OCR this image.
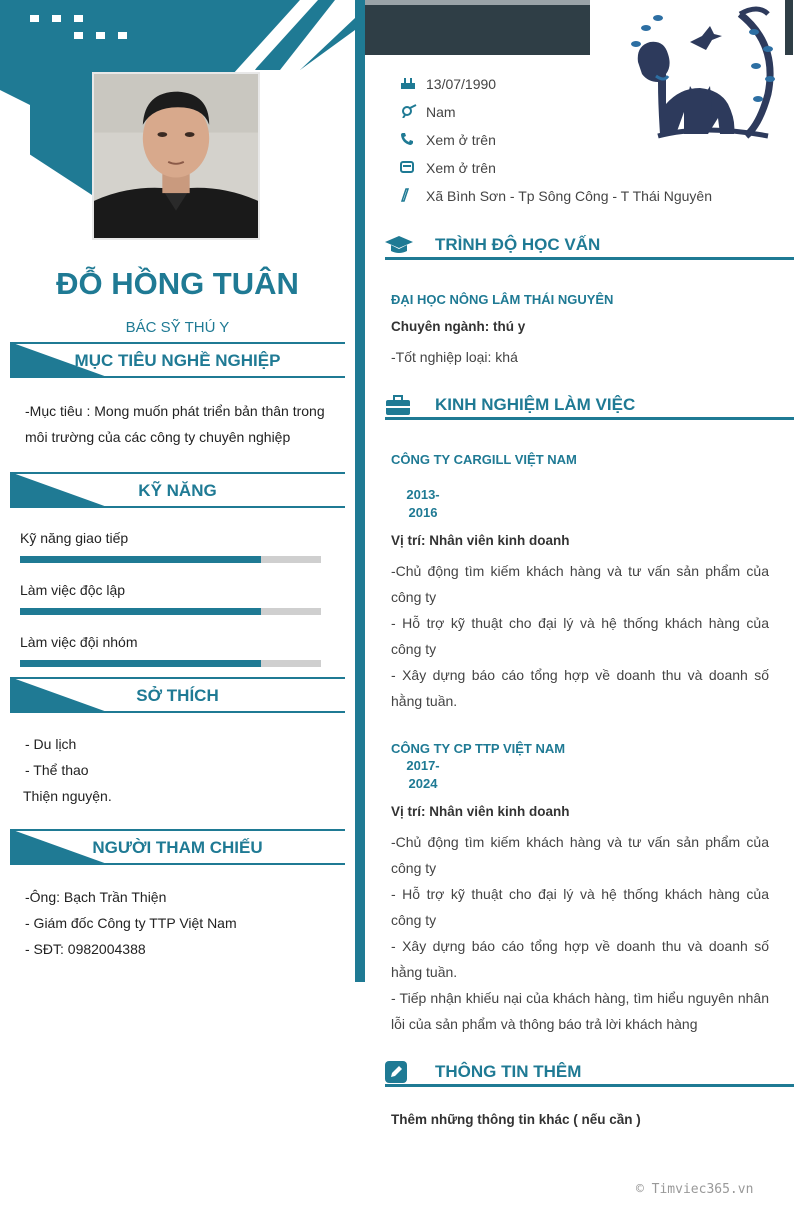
ĐỖ HỒNG TUÂN
BÁC SỸ THÚ Y
MỤC TIÊU NGHỀ NGHIỆP
-Mục tiêu : Mong muốn phát triển bản thân trong môi trường của các công ty chuyên nghiệp
KỸ NĂNG
Kỹ năng giao tiếp
Làm việc độc lập
Làm việc đội nhóm
SỞ THÍCH
- Du lịch
- Thể thao
Thiện nguyện.
NGƯỜI THAM CHIẾU
-Ông: Bạch Trần Thiện
- Giám đốc Công ty TTP Việt Nam
- SĐT: 0982004388
13/07/1990
Nam
Xem ở trên
Xem ở trên
Xã Bình Sơn - Tp Sông Công - T Thái Nguyên
TRÌNH ĐỘ HỌC VẤN
ĐẠI HỌC NÔNG LÂM THÁI NGUYÊN
Chuyên ngành: thú y
-Tốt nghiệp loại: khá
KINH NGHIỆM LÀM VIỆC
CÔNG TY CARGILL VIỆT NAM
2013-2016
Vị trí: Nhân viên kinh doanh
-Chủ động tìm kiếm khách hàng và tư vấn sản phẩm của công ty
- Hỗ trợ kỹ thuật cho đại lý và hệ thống khách hàng của công ty
- Xây dựng báo cáo tổng hợp về doanh thu và doanh số hằng tuần.
CÔNG TY CP TTP VIỆT NAM
2017-2024
Vị trí: Nhân viên kinh doanh
-Chủ động tìm kiếm khách hàng và tư vấn sản phẩm của công ty
- Hỗ trợ kỹ thuật cho đại lý và hệ thống khách hàng của công ty
- Xây dựng báo cáo tổng hợp về doanh thu và doanh số hằng tuần.
- Tiếp nhận khiếu nại của khách hàng, tìm hiểu nguyên nhân lỗi của sản phẩm và thông báo trả lời khách hàng
THÔNG TIN THÊM
Thêm những thông tin khác ( nếu cần )
© Timviec365.vn
